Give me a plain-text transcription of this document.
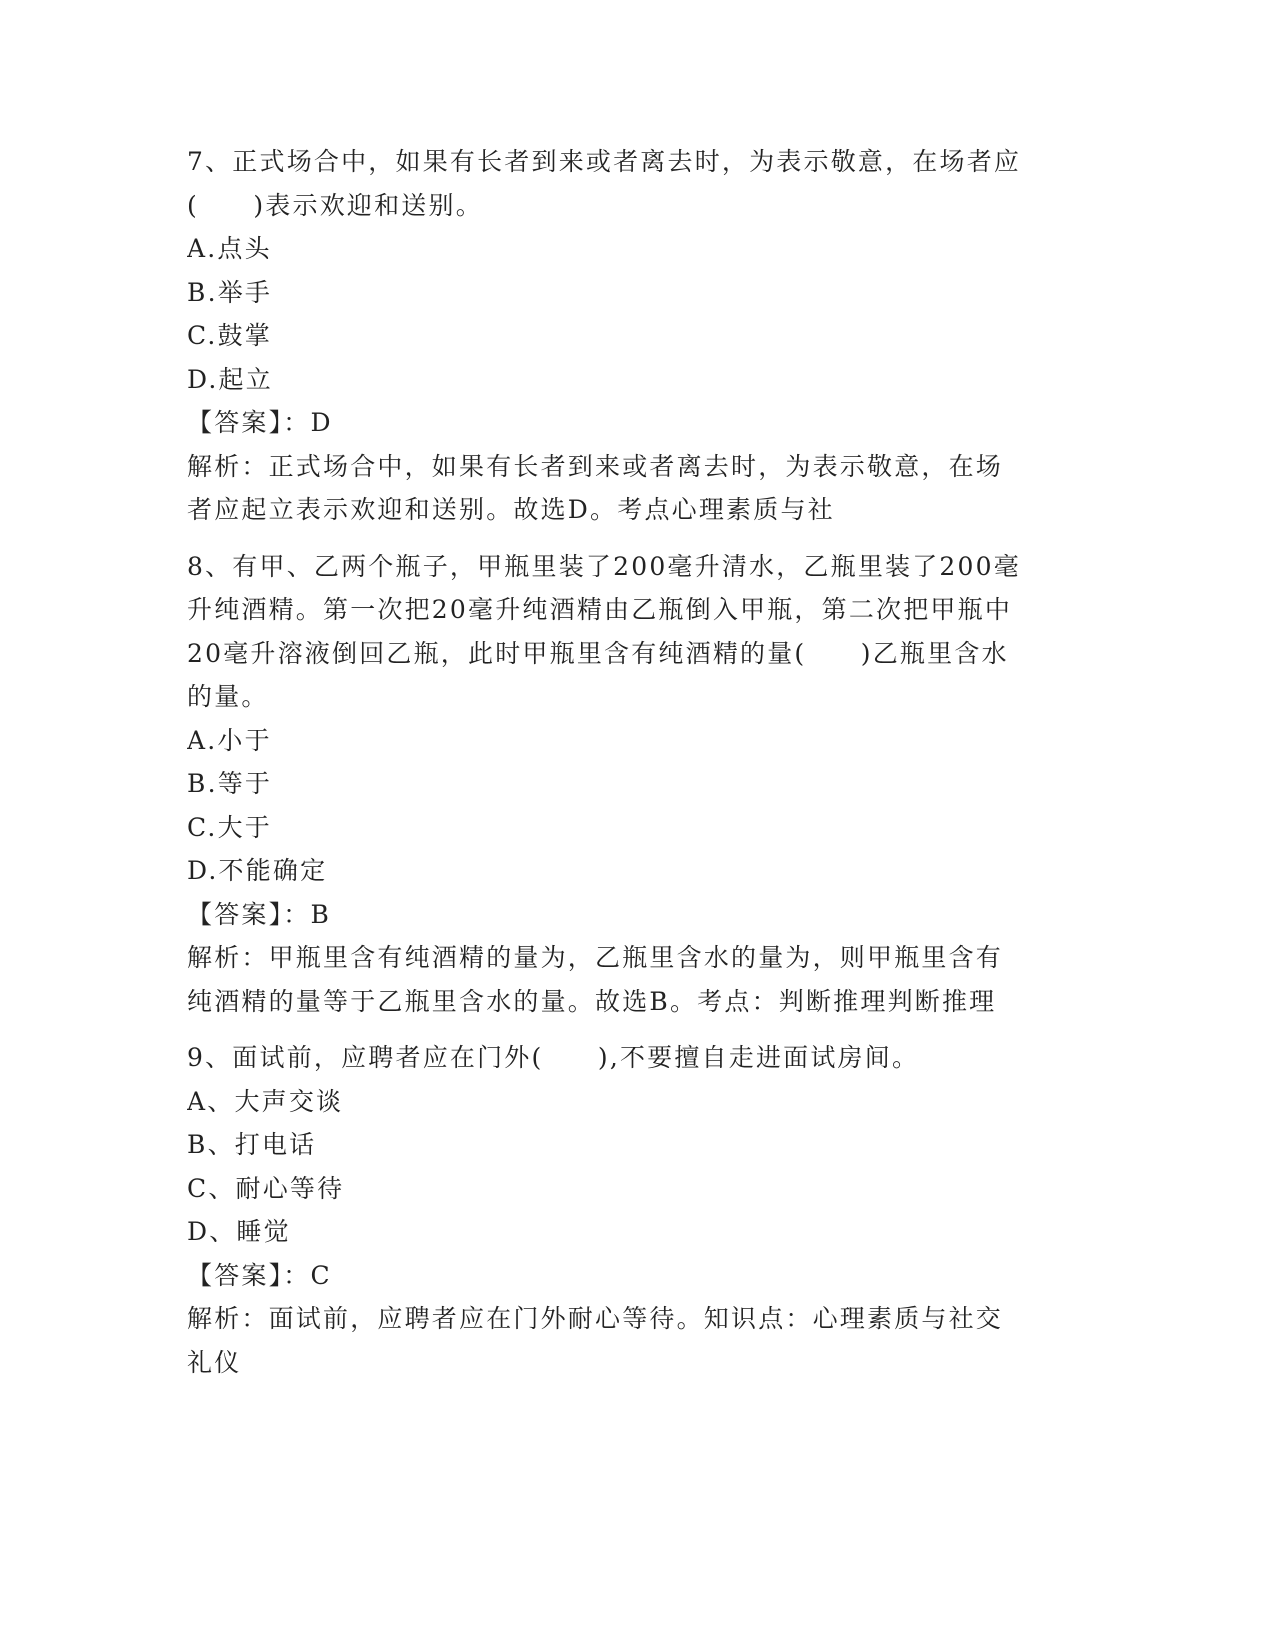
7、正式场合中，如果有长者到来或者离去时，为表示敬意，在场者应
(　　)表示欢迎和送别。
A.点头
B.举手
C.鼓掌
D.起立
【答案】：D
解析：正式场合中，如果有长者到来或者离去时，为表示敬意，在场
者应起立表示欢迎和送别。故选D。考点心理素质与社
8、有甲、乙两个瓶子，甲瓶里装了200毫升清水，乙瓶里装了200毫
升纯酒精。第一次把20毫升纯酒精由乙瓶倒入甲瓶，第二次把甲瓶中
20毫升溶液倒回乙瓶，此时甲瓶里含有纯酒精的量(　　)乙瓶里含水
的量。
A.小于
B.等于
C.大于
D.不能确定
【答案】：B
解析：甲瓶里含有纯酒精的量为，乙瓶里含水的量为，则甲瓶里含有
纯酒精的量等于乙瓶里含水的量。故选B。考点：判断推理判断推理
9、面试前，应聘者应在门外(　　),不要擅自走进面试房间。
A、大声交谈
B、打电话
C、耐心等待
D、睡觉
【答案】：C
解析：面试前，应聘者应在门外耐心等待。知识点：心理素质与社交
礼仪
